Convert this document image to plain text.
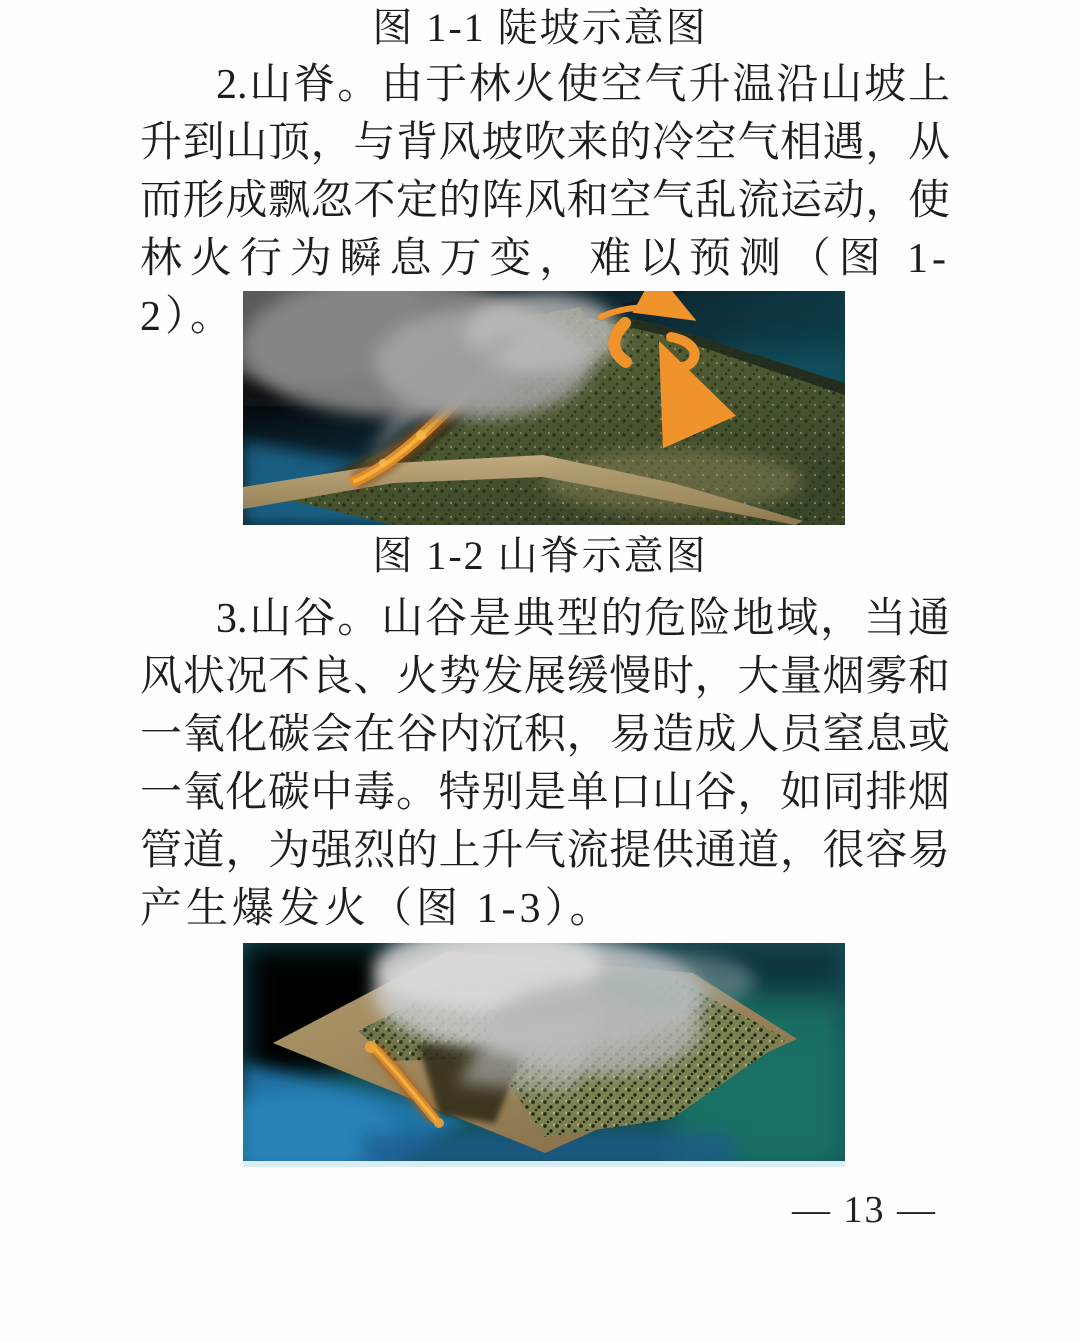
图 1-1 陡坡示意图
2.山脊。由于林火使空气升温沿山坡上
升到山顶，与背风坡吹来的冷空气相遇，从
而形成飘忽不定的阵风和空气乱流运动，使
林火行为瞬息万变，难以预测（图 1-2）。
图 1-2 山脊示意图
3.山谷。山谷是典型的危险地域，当通
风状况不良、火势发展缓慢时，大量烟雾和
一氧化碳会在谷内沉积，易造成人员窒息或
一氧化碳中毒。特别是单口山谷，如同排烟
管道，为强烈的上升气流提供通道，很容易
产生爆发火（图 1-3）。
— 13 —
